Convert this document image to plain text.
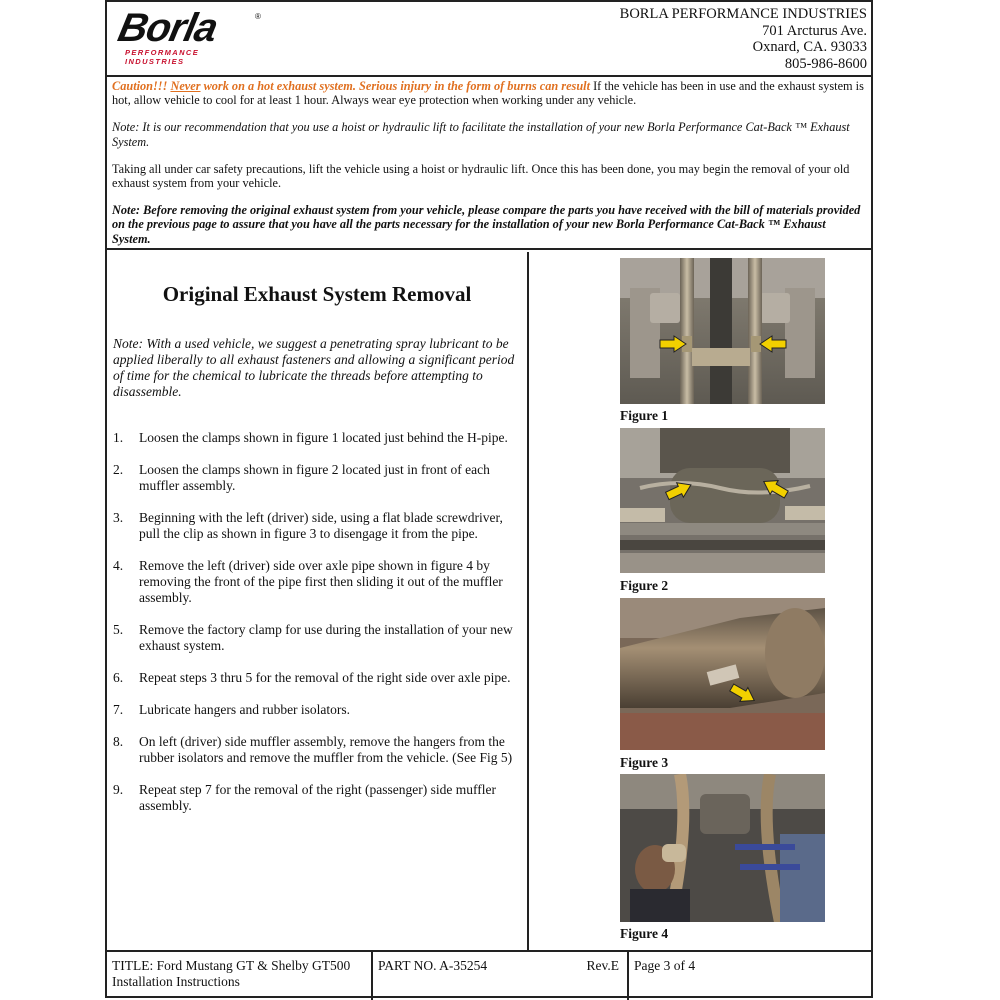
Borla	®
PERFORMANCE INDUSTRIES
BORLA PERFORMANCE INDUSTRIES
701 Arcturus Ave.
Oxnard, CA. 93033
805-986-8600

Caution!!! Never work on a hot exhaust system. Serious injury in the form of burns can result If the vehicle has been in use and the exhaust system is hot, allow vehicle to cool for at least 1 hour. Always wear eye protection when working under any vehicle.

Note: It is our recommendation that you use a hoist or hydraulic lift to facilitate the installation of your new Borla Performance Cat-Back ™ Exhaust System.

Taking all under car safety precautions, lift the vehicle using a hoist or hydraulic lift. Once this has been done, you may begin the removal of your old exhaust system from your vehicle.

Note: Before removing the original exhaust system from your vehicle, please compare the parts you have received with the bill of materials provided on the previous page to assure that you have all the parts necessary for the installation of your new Borla Performance Cat-Back ™ Exhaust System.

Original Exhaust System Removal
Note: With a used vehicle, we suggest a penetrating spray lubricant to be applied liberally to all exhaust fasteners and allowing a significant period of time for the chemical to lubricate the threads before attempting to disassemble.
1. Loosen the clamps shown in figure 1 located just behind the H-pipe.
2. Loosen the clamps shown in figure 2 located just in front of each muffler assembly.
3. Beginning with the left (driver) side, using a flat blade screwdriver, pull the clip as shown in figure 3 to disengage it from the pipe.
4. Remove the left (driver) side over axle pipe shown in figure 4 by removing the front of the pipe first then sliding it out of the muffler assembly.
5. Remove the factory clamp for use during the installation of your new exhaust system.
6. Repeat steps 3 thru 5 for the removal of the right side over axle pipe.
7. Lubricate hangers and rubber isolators.
8. On left (driver) side muffler assembly, remove the hangers from the rubber isolators and remove the muffler from the vehicle. (See Fig 5)
9. Repeat step 7 for the removal of the right (passenger) side muffler assembly.
Figure 1
Figure 2
Figure 3
Figure 4
TITLE: Ford Mustang GT & Shelby GT500
Installation Instructions
PART NO. A-35254	Rev.E	Page 3 of 4
